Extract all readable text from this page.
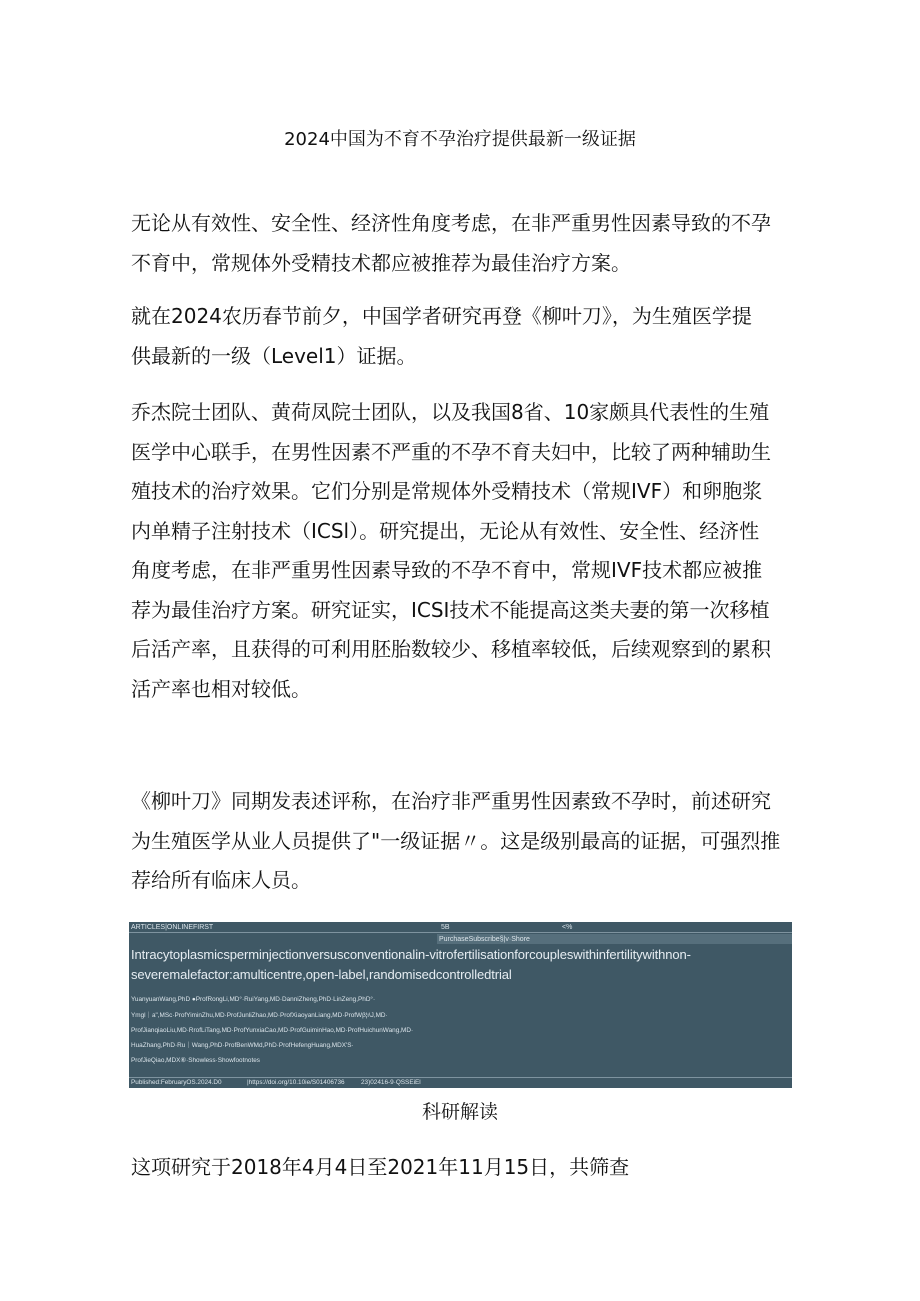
2024中国为不育不孕治疗提供最新一级证据

无论从有效性、安全性、经济性角度考虑，在非严重男性因素导致的不孕
不育中，常规体外受精技术都应被推荐为最佳治疗方案。

就在2024农历春节前夕，中国学者研究再登《柳叶刀》，为生殖医学提
供最新的一级（Level1）证据。

乔杰院士团队、黄荷凤院士团队，以及我国8省、10家颇具代表性的生殖
医学中心联手，在男性因素不严重的不孕不育夫妇中，比较了两种辅助生
殖技术的治疗效果。它们分别是常规体外受精技术（常规IVF）和卵胞浆
内单精子注射技术（ICSl）。研究提出，无论从有效性、安全性、经济性
角度考虑，在非严重男性因素导致的不孕不育中，常规IVF技术都应被推
荐为最佳治疗方案。研究证实，ICSI技术不能提高这类夫妻的第一次移植
后活产率，且获得的可利用胚胎数较少、移植率较低，后续观察到的累积
活产率也相对较低。

《柳叶刀》同期发表述评称，在治疗非严重男性因素致不孕时，前述研究
为生殖医学从业人员提供了"一级证据〃。这是级别最高的证据，可强烈推
荐给所有临床人员。

ARTICLES|ONLINEFIRST	5B	<%
PurchaseSubscribe§|v·Shore
Intracytoplasmicsperminjectionversusconventionalin-vitrofertilisationforcoupleswithinfertilitywithnon-
severemalefactor:amulticentre,open-label,randomisedcontrolledtrial
YuanyuanWang,PhD ●ProfRongLi,MD°·RuiYang,MD·DanniZheng,PhD·LinZeng,PhD°·
Ymgl｜a",MSc·ProfYiminZhu,MD·ProfJunliZhao,MD·ProfXiaoyanLiang,MD·ProfWβ¦ι\J,MD·
ProfJianqiaoLiu,MD·RrofLiTang,MD·ProfYunxiaCao,MD·ProfGuiminHao,MD·ProfHuichunWang,MD·
HuaZhang,PhD·Ru｜Wang,PhD·ProfBenWMd,PhD·ProfHefengHuang,MDX'S·
ProfJieQiao,MDX⑥·Showless·Showfootnotes
Published:FebruaryOS.2024.D0	|https://doi.org/10.10ie/S01406736	23)02416-9·QSSEiEl
科研解读

这项研究于2018年4月4日至2021年11月15日，共筛查
